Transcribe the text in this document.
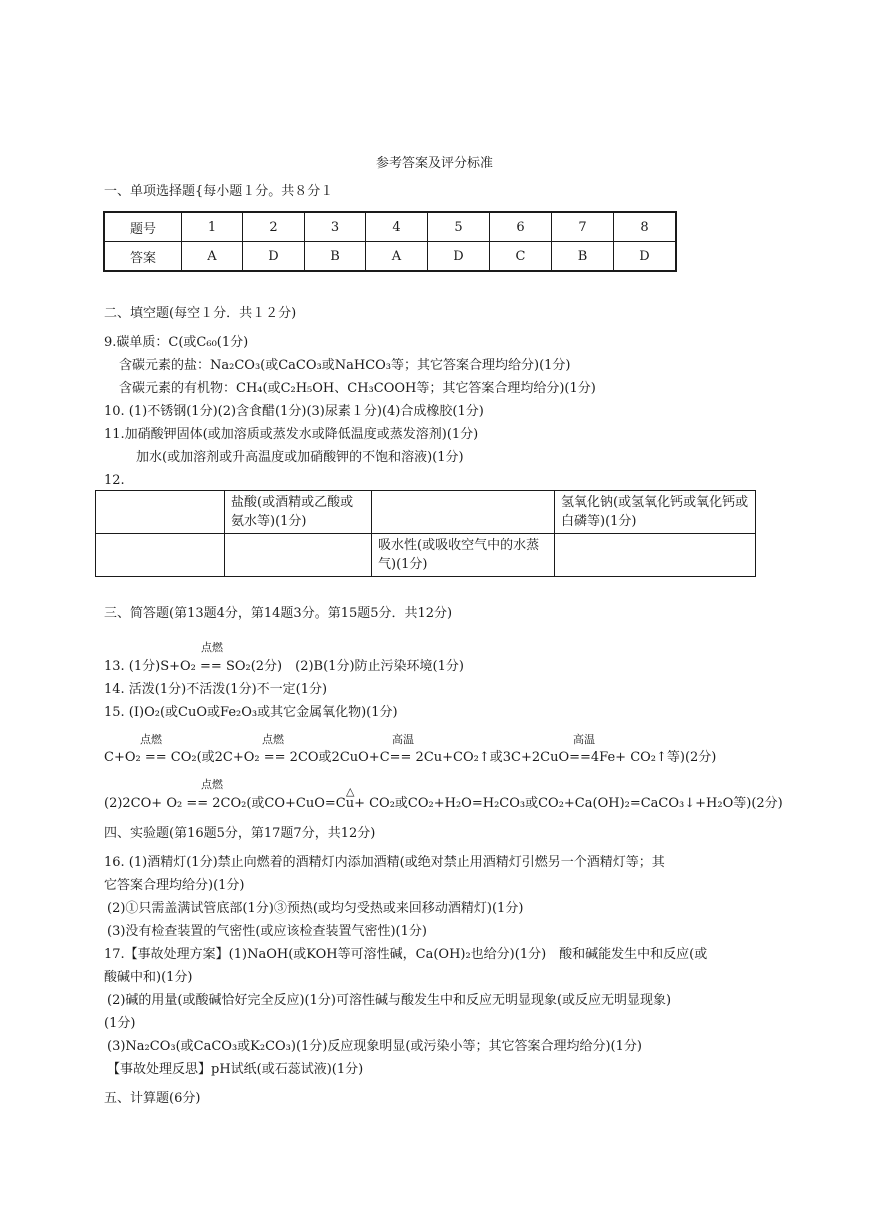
参考答案及评分标准
一、单项选择题{每小题１分。共８分１
题号	1	2	3	4	5	6	7	8
答案	A	D	B	A	D	C	B	D
二、填空题(每空１分．共１２分)
9.碳单质：C(或C₆₀(1分)
含碳元素的盐：Na₂CO₃(或CaCO₃或NaHCO₃等；其它答案合理均给分)(1分)
含碳元素的有机物：CH₄(或C₂H₅OH、CH₃COOH等；其它答案合理均给分)(1分)
10. (1)不锈钢(1分)(2)含食醋(1分)(3)尿素１分)(4)合成橡胶(1分)
11.加硝酸钾固体(或加溶质或蒸发水或降低温度或蒸发溶剂)(1分)
加水(或加溶剂或升高温度或加硝酸钾的不饱和溶液)(1分)
12.
	盐酸(或酒精或乙酸或氨水等)(1分)		氢氧化钠(或氢氧化钙或氧化钙或白磷等)(1分)
		吸水性(或吸收空气中的水蒸气)(1分)	
三、简答题(第13题4分，第14题3分。第15题5分．共12分)
点燃
13. (1分)S+O₂ == SO₂(2分)　(2)B(1分)防止污染环境(1分)
14. 活泼(1分)不活泼(1分)不一定(1分)
15. (I)O₂(或CuO或Fe₂O₃或其它金属氧化物)(1分)
点燃	点燃	高温	高温
C+O₂ == CO₂(或2C+O₂ == 2CO或2CuO+C== 2Cu+CO₂↑或3C+2CuO==4Fe+ CO₂↑等)(2分)
点燃
△
(2)2CO+ O₂ == 2CO₂(或CO+CuO=Cu+ CO₂或CO₂+H₂O=H₂CO₃或CO₂+Ca(OH)₂=CaCO₃↓+H₂O等)(2分)
四、实验题(第16题5分，第17题7分，共12分)
16. (1)酒精灯(1分)禁止向燃着的酒精灯内添加酒精(或绝对禁止用酒精灯引燃另一个酒精灯等；其
它答案合理均给分)(1分)
(2)①只需盖满试管底部(1分)③预热(或均匀受热或来回移动酒精灯)(1分)
(3)没有检查装置的气密性(或应该检查装置气密性)(1分)
17.【事故处理方案】(1)NaOH(或KOH等可溶性碱，Ca(OH)₂也给分)(1分)　酸和碱能发生中和反应(或
酸碱中和)(1分)
(2)碱的用量(或酸碱恰好完全反应)(1分)可溶性碱与酸发生中和反应无明显现象(或反应无明显现象)
(1分)
(3)Na₂CO₃(或CaCO₃或K₂CO₃)(1分)反应现象明显(或污染小等；其它答案合理均给分)(1分)
【事故处理反思】pH试纸(或石蕊试液)(1分)
五、计算题(6分)
